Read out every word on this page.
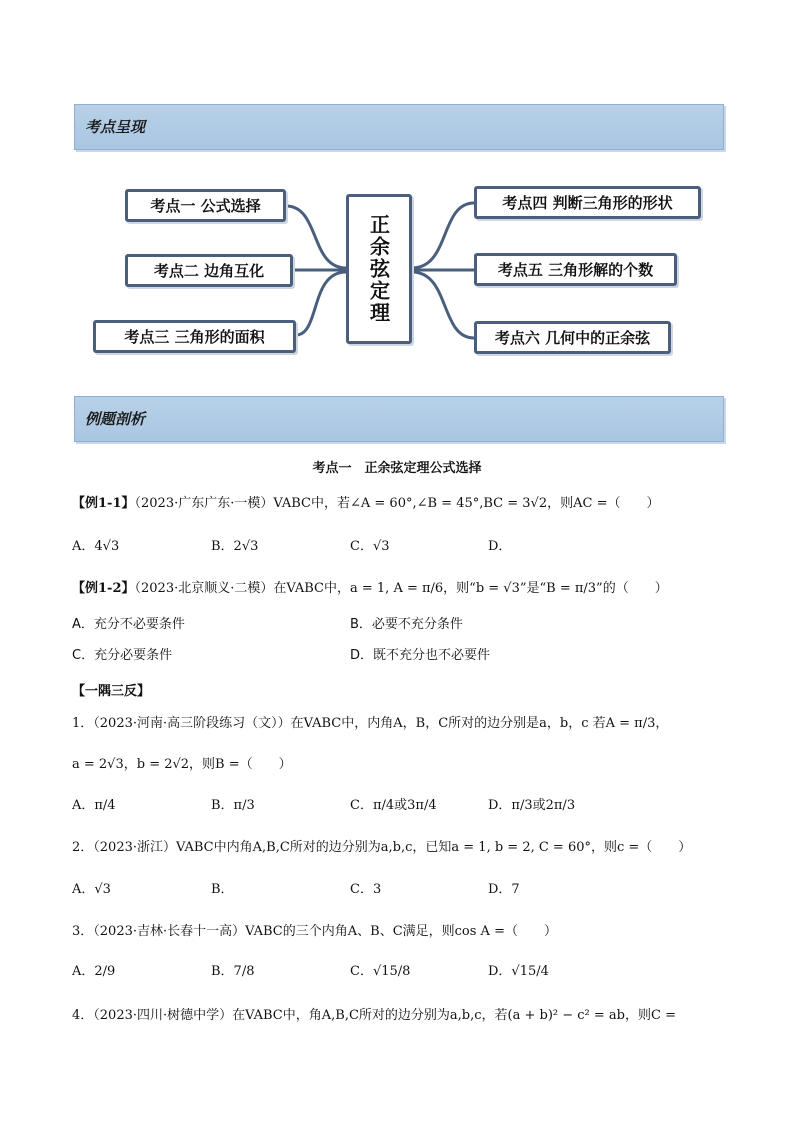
考点呈现
考点一 公式选择
考点二 边角互化
考点三 三角形的面积
正余弦定理
考点四 判断三角形的形状
考点五 三角形解的个数
考点六 几何中的正余弦
例题剖析
考点一　正余弦定理公式选择
【例1-1】（2023·广东广东·一模）VABC中，若∠A = 60°,∠B = 45°,BC = 3√2，则AC =（　　）
A．4√3	B．2√3	C．√3	D．
【例1-2】（2023·北京顺义·二模）在VABC中，a = 1, A = π/6，则“b = √3”是“B = π/3”的（　　）
A．充分不必要条件	B．必要不充分条件
C．充分必要条件	D．既不充分也不必要件
【一隅三反】
1．（2023·河南·高三阶段练习（文））在VABC中，内角A，B，C所对的边分别是a，b，c 若A = π/3，
a = 2√3，b = 2√2，则B =（　　）
A．π/4	B．π/3	C．π/4或3π/4	D．π/3或2π/3
2．（2023·浙江）VABC中内角A,B,C所对的边分别为a,b,c，已知a = 1, b = 2, C = 60°，则c =（　　）
A．√3	B．	C．3	D．7
3．（2023·吉林·长春十一高）VABC的三个内角A、B、C满足，则cos A =（　　）
A．2/9	B．7/8	C．√15/8	D．√15/4
4．（2023·四川·树德中学）在VABC中，角A,B,C所对的边分别为a,b,c，若(a + b)² − c² = ab，则C =
